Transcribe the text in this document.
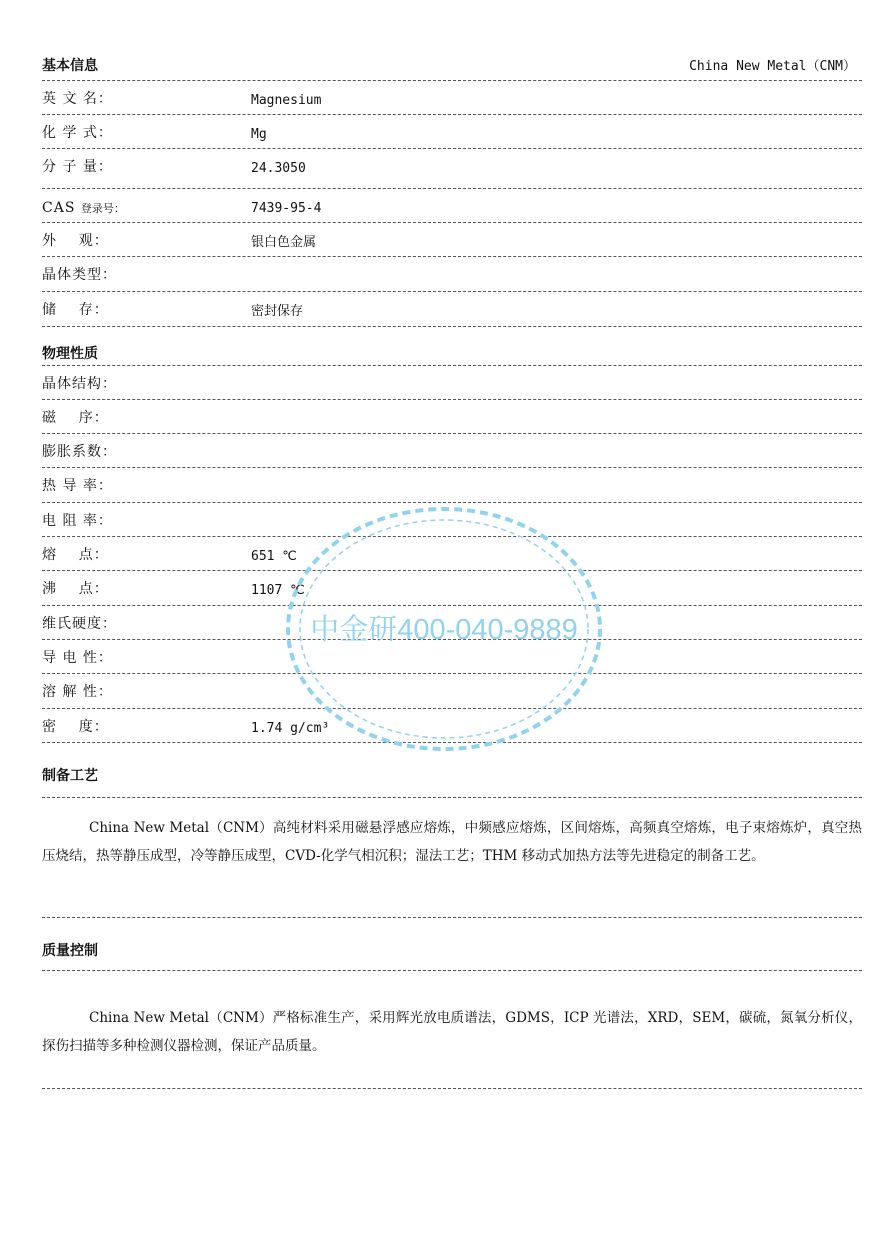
基本信息	China New Metal（CNM）
英 文 名：	Magnesium
化 学 式：	Mg
分 子 量：	24.3050
CAS 登录号：	7439-95-4
外    观：	银白色金属
晶体类型：
储    存：	密封保存
物理性质
晶体结构：
磁    序：
膨胀系数：
热 导 率：
电 阻 率：
熔    点：	651 ℃
沸    点：	1107 ℃
维氏硬度：
导 电 性：
溶 解 性：
密    度：	1.74 g/cm³
制备工艺
China New Metal（CNM）高纯材料采用磁悬浮感应熔炼，中频感应熔炼，区间熔炼，高频真空熔炼，电子束熔炼炉，真空热压烧结，热等静压成型，冷等静压成型，CVD-化学气相沉积；湿法工艺；THM 移动式加热方法等先进稳定的制备工艺。
质量控制
China New Metal（CNM）严格标准生产，采用辉光放电质谱法，GDMS，ICP 光谱法，XRD，SEM，碳硫，氮氧分析仪，探伤扫描等多种检测仪器检测，保证产品质量。
中金研400-040-9889
